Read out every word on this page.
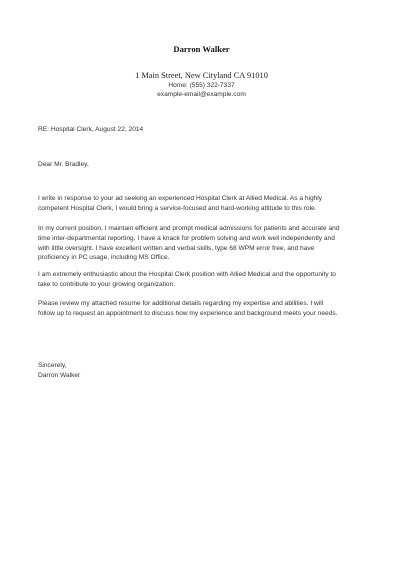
Darron Walker
1 Main Street, New Cityland CA 91010
Home: (555) 322-7337
example-email@example.com
RE: Hospital Clerk, August 22, 2014
Dear Mr. Bradley,
I write in response to your ad seeking an experienced Hospital Clerk at Allied Medical. As a highly
competent Hospital Clerk, I would bring a service-focused and hard-working attitude to this role.
In my current position, I maintain efficient and prompt medical admissions for patients and accurate and
time inter-departmental reporting. I have a knack for problem solving and work well independently and
with little oversight. I have excellent written and verbal skills, type 68 WPM error free, and have
proficiency in PC usage, including MS Office.
I am extremely enthusiastic about the Hospital Clerk position with Allied Medical and the opportunity to
take to contribute to your growing organization.
Please review my attached resume for additional details regarding my expertise and abilities. I will
follow up to request an appointment to discuss how my experience and background meets your needs.
Sincerely,
Darron Walker
